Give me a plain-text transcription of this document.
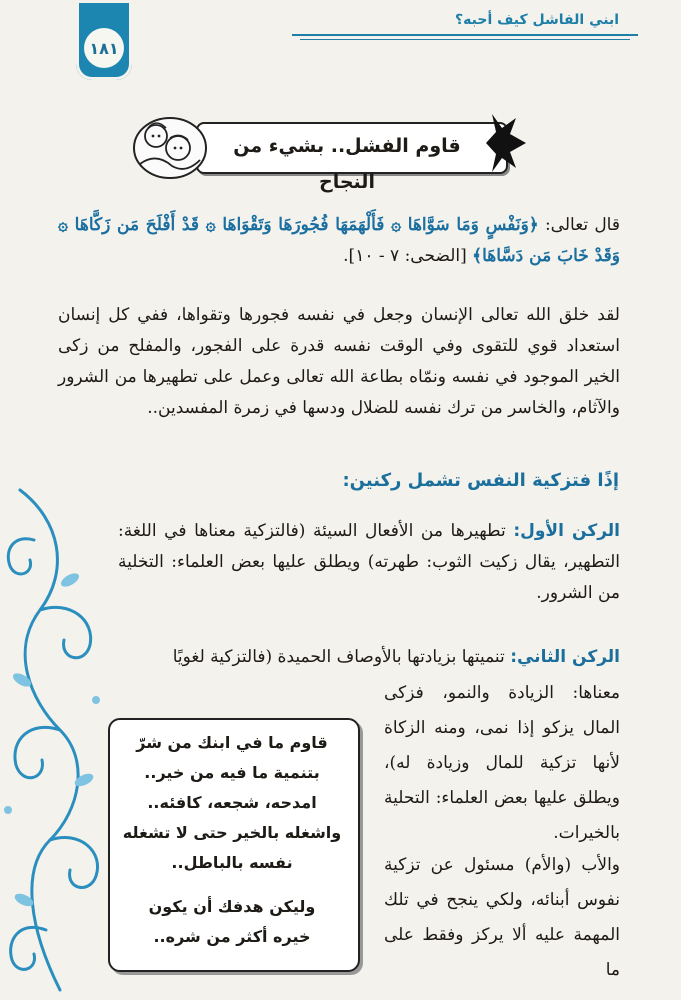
ابني الفاشل كيف أحبه؟
١٨١
قاوم الفشل.. بشيء من النجاح

قال تعالى: ﴿وَنَفْسٍ وَمَا سَوَّاهَا ۞ فَأَلْهَمَهَا فُجُورَهَا وَتَقْوَاهَا ۞ قَدْ أَفْلَحَ مَن زَكَّاهَا ۞ وَقَدْ خَابَ مَن دَسَّاهَا﴾ [الضحى: ٧ - ١٠].

لقد خلق الله تعالى الإنسان وجعل في نفسه فجورها وتقواها، ففي كل إنسان استعداد قوي للتقوى وفي الوقت نفسه قدرة على الفجور، والمفلح من زكى الخير الموجود في نفسه ونمّاه بطاعة الله تعالى وعمل على تطهيرها من الشرور والآثام، والخاسر من ترك نفسه للضلال ودسها في زمرة المفسدين..

إذًا فتزكية النفس تشمل ركنين:

الركن الأول: تطهيرها من الأفعال السيئة (فالتزكية معناها في اللغة: التطهير، يقال زكيت الثوب: طهرته) ويطلق عليها بعض العلماء: التخلية من الشرور.

الركن الثاني: تنميتها بزيادتها بالأوصاف الحميدة (فالتزكية لغويًا

معناها: الزيادة والنمو، فزكى المال يزكو إذا نمى، ومنه الزكاة لأنها تزكية للمال وزيادة له)، ويطلق عليها بعض العلماء: التحلية بالخيرات.

والأب (والأم) مسئول عن تزكية نفوس أبنائه، ولكي ينجح في تلك المهمة عليه ألا يركز وفقط على ما

قاوم ما في ابنك من شرّ
بتنمية ما فيه من خير..
امدحه، شجعه، كافئه..
واشغله بالخير حتى لا تشغله
نفسه بالباطل..
وليكن هدفك أن يكون
خيره أكثر من شره..
